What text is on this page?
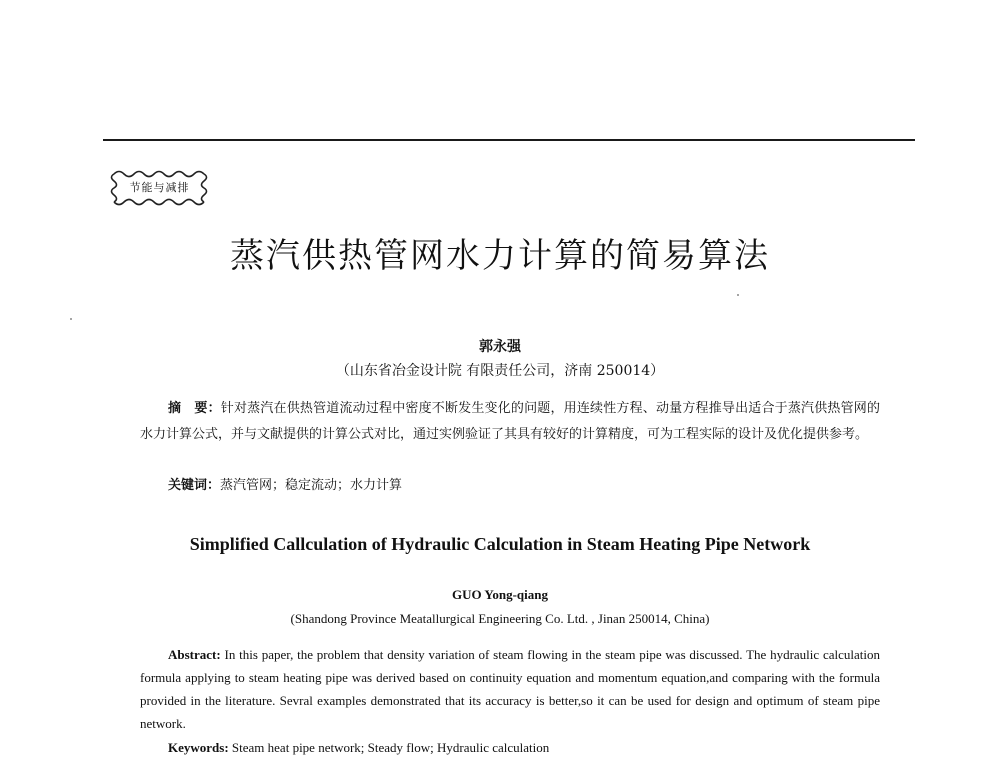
节能与减排
蒸汽供热管网水力计算的简易算法
郭永强
（山东省冶金设计院 有限责任公司，济南 250014）
摘　要：针对蒸汽在供热管道流动过程中密度不断发生变化的问题，用连续性方程、动量方程推导出适合于蒸汽供热管网的水力计算公式，并与文献提供的计算公式对比，通过实例验证了其具有较好的计算精度，可为工程实际的设计及优化提供参考。
关键词：蒸汽管网；稳定流动；水力计算
Simplified Callculation of Hydraulic Calculation in Steam Heating Pipe Network
GUO Yong-qiang
(Shandong Province Meatallurgical Engineering Co. Ltd. , Jinan 250014, China)
Abstract: In this paper, the problem that density variation of steam flowing in the steam pipe was discussed. The hydraulic calculation formula applying to steam heating pipe was derived based on continuity equation and momentum equation,and comparing with the formula provided in the literature. Sevral examples demonstrated that its accuracy is better,so it can be used for design and optimum of steam pipe network.
Keywords: Steam heat pipe network; Steady flow; Hydraulic calculation
